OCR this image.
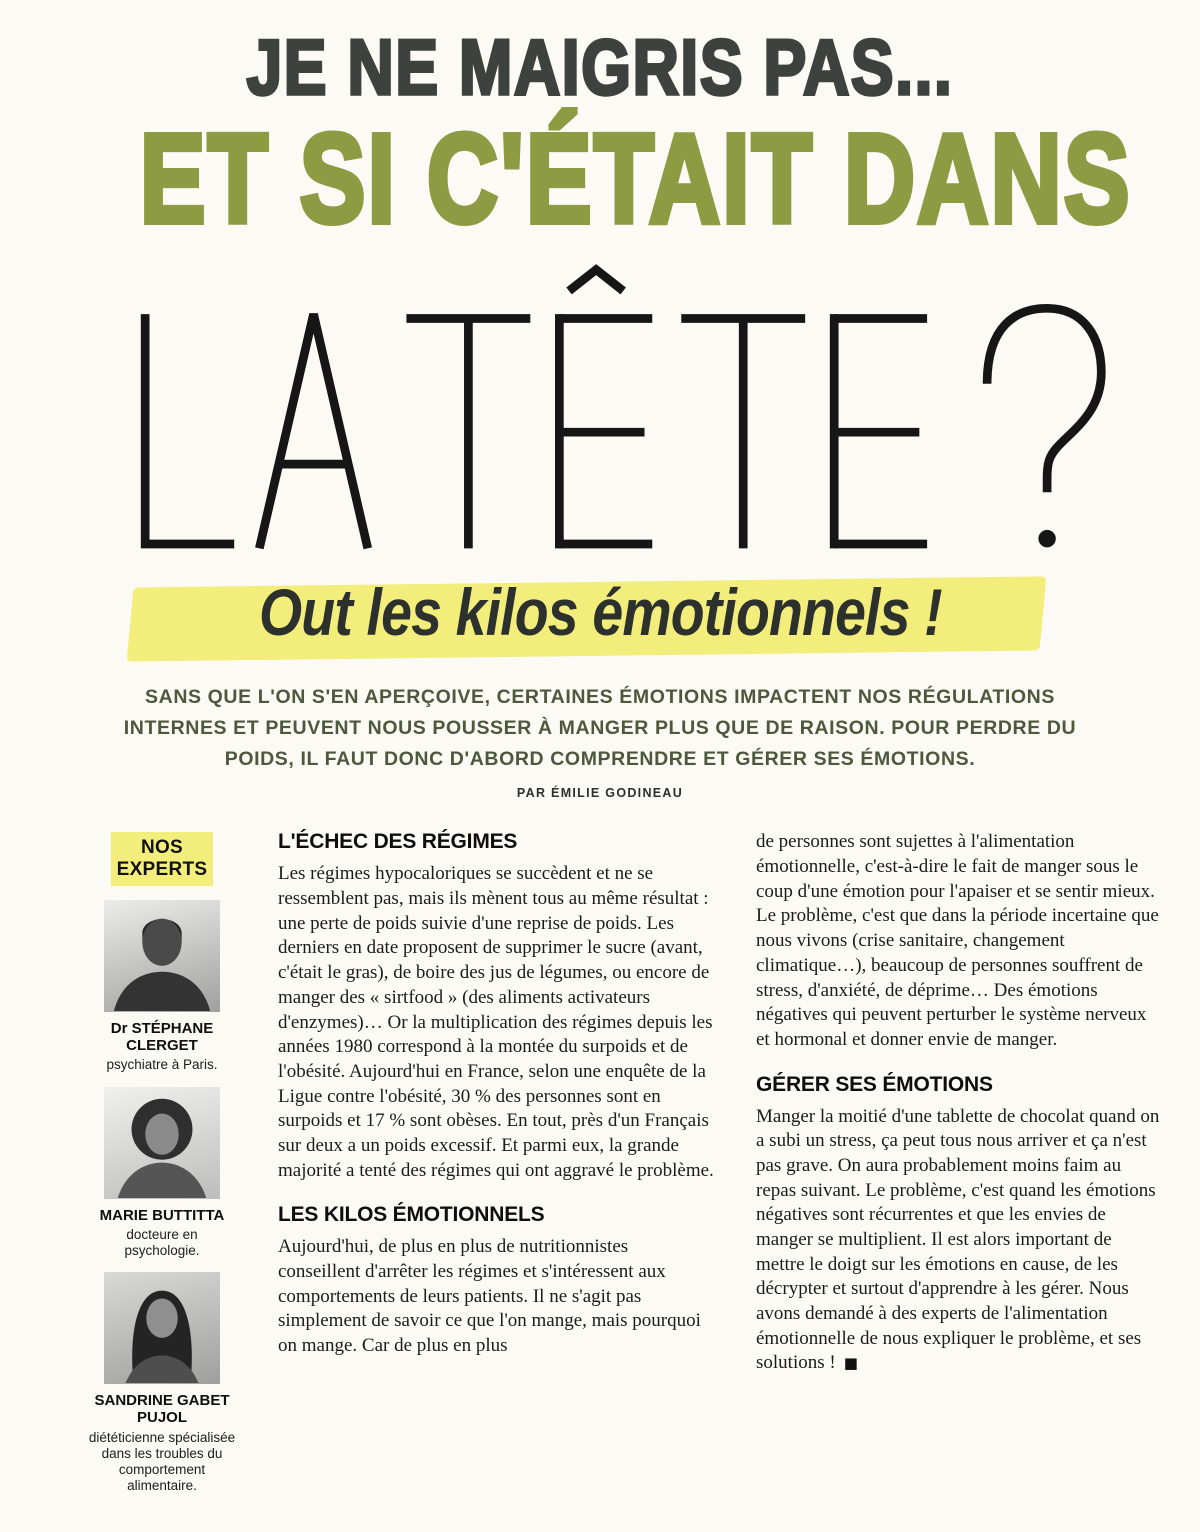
JE NE MAIGRIS PAS...
ET SI C'ÉTAIT DANS
Out les kilos émotionnels !

SANS QUE L'ON S'EN APERÇOIVE, CERTAINES ÉMOTIONS IMPACTENT NOS RÉGULATIONS INTERNES ET PEUVENT NOUS POUSSER À MANGER PLUS QUE DE RAISON. POUR PERDRE DU POIDS, IL FAUT DONC D'ABORD COMPRENDRE ET GÉRER SES ÉMOTIONS.

PAR ÉMILIE GODINEAU

NOS EXPERTS
Dr STÉPHANE CLERGET
psychiatre à Paris.
MARIE BUTTITTA
docteure en psychologie.
SANDRINE GABET PUJOL
diététicienne spécialisée dans les troubles du comportement alimentaire.
L'ÉCHEC DES RÉGIMES

Les régimes hypocaloriques se succèdent et ne se ressemblent pas, mais ils mènent tous au même résultat : une perte de poids suivie d'une reprise de poids. Les derniers en date proposent de supprimer le sucre (avant, c'était le gras), de boire des jus de légumes, ou encore de manger des « sirtfood » (des aliments activateurs d'enzymes)… Or la multiplication des régimes depuis les années 1980 correspond à la montée du surpoids et de l'obésité. Aujourd'hui en France, selon une enquête de la Ligue contre l'obésité, 30 % des personnes sont en surpoids et 17 % sont obèses. En tout, près d'un Français sur deux a un poids excessif. Et parmi eux, la grande majorité a tenté des régimes qui ont aggravé le problème.

LES KILOS ÉMOTIONNELS

Aujourd'hui, de plus en plus de nutritionnistes conseillent d'arrêter les régimes et s'intéressent aux comportements de leurs patients. Il ne s'agit pas simplement de savoir ce que l'on mange, mais pourquoi on mange. Car de plus en plus

de personnes sont sujettes à l'alimentation émotionnelle, c'est-à-dire le fait de manger sous le coup d'une émotion pour l'apaiser et se sentir mieux. Le problème, c'est que dans la période incertaine que nous vivons (crise sanitaire, changement climatique…), beaucoup de personnes souffrent de stress, d'anxiété, de déprime… Des émotions négatives qui peuvent perturber le système nerveux et hormonal et donner envie de manger.

GÉRER SES ÉMOTIONS

Manger la moitié d'une tablette de chocolat quand on a subi un stress, ça peut tous nous arriver et ça n'est pas grave. On aura probablement moins faim au repas suivant. Le problème, c'est quand les émotions négatives sont récurrentes et que les envies de manger se multiplient. Il est alors important de mettre le doigt sur les émotions en cause, de les décrypter et surtout d'apprendre à les gérer. Nous avons demandé à des experts de l'alimentation émotionnelle de nous expliquer le problème, et ses solutions ! ■
